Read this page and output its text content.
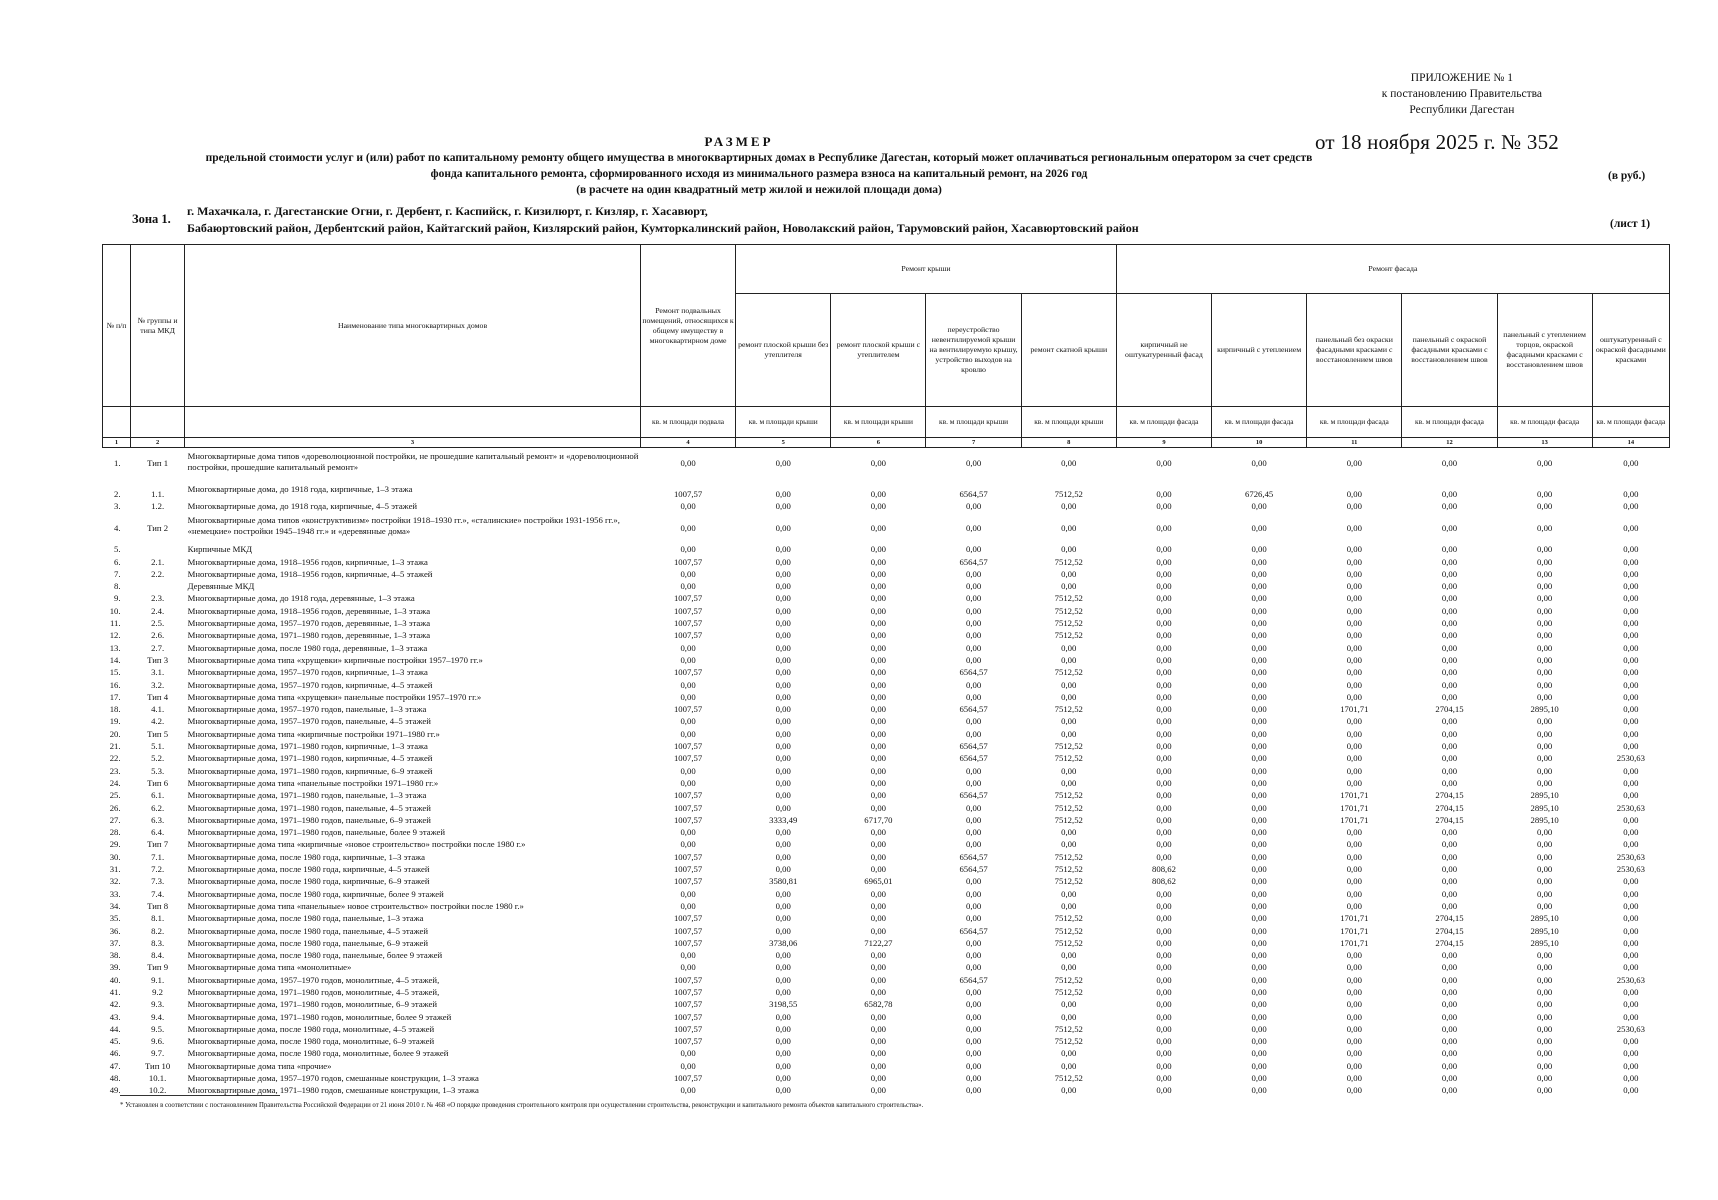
ПРИЛОЖЕНИЕ № 1
к постановлению Правительства
Республики Дагестан
от 18 ноября 2025 г. № 352
РАЗМЕР
предельной стоимости услуг и (или) работ по капитальному ремонту общего имущества в многоквартирных домах в Республике Дагестан, который может оплачиваться региональным оператором за счет средств
фонда капитального ремонта, сформированного исходя из минимального размера взноса на капитальный ремонт, на 2026 год
(в расчете на один квадратный метр жилой и нежилой площади дома)
(в руб.)
Зона 1.
г. Махачкала, г. Дагестанские Огни, г. Дербент, г. Каспийск, г. Кизилюрт, г. Кизляр, г. Хасавюрт,
Бабаюртовский район, Дербентский район, Кайтагский район, Кизлярский район, Кумторкалинский район, Новолакский район, Тарумовский район, Хасавюртовский район	(лист 1)
№ п/п	№ группы и типа МКД	Наименование типа многоквартирных домов	Ремонт подвальных помещений, относящихся к общему имуществу в многоквартирном доме	Ремонт крыши				Ремонт фасада					
				ремонт плоской крыши без утеплителя	ремонт плоской крыши с утеплителем	переустройство невентилируемой крыши на вентилируемую крышу, устройство выходов на кровлю	ремонт скатной крыши	кирпичный не оштукатуренный фасад	кирпичный с утеплением	панельный без окраски фасадными красками с восстановлением швов	панельный с окраской фасадными красками с восстановлением швов	панельный с утеплением торцов, окраской фасадными красками с восстановлением швов	оштукатуренный с окраской фасадными красками
			кв. м площади подвала	кв. м площади крыши	кв. м площади крыши	кв. м площади крыши	кв. м площади крыши	кв. м площади фасада	кв. м площади фасада	кв. м площади фасада	кв. м площади фасада	кв. м площади фасада	кв. м площади фасада
1	2	3	4	5	6	7	8	9	10	11	12	13	14
1.	Тип 1	Многоквартирные дома типов «дореволюционной постройки, не прошедшие капитальный ремонт» и «дореволюционной постройки, прошедшие капитальный ремонт»	0,00	0,00	0,00	0,00	0,00	0,00	0,00	0,00	0,00	0,00	0,00
2.	1.1.	Многоквартирные дома, до 1918 года, кирпичные, 1–3 этажа	1007,57	0,00	0,00	6564,57	7512,52	0,00	6726,45	0,00	0,00	0,00	0,00
3.	1.2.	Многоквартирные дома, до 1918 года, кирпичные, 4–5 этажей	0,00	0,00	0,00	0,00	0,00	0,00	0,00	0,00	0,00	0,00	0,00
4.	Тип 2	Многоквартирные дома типов «конструктивизм» постройки 1918–1930 гг.», «сталинские» постройки 1931-1956 гг.», «немецкие» постройки 1945–1948 гг.» и «деревянные дома»	0,00	0,00	0,00	0,00	0,00	0,00	0,00	0,00	0,00	0,00	0,00
5.		Кирпичные МКД	0,00	0,00	0,00	0,00	0,00	0,00	0,00	0,00	0,00	0,00	0,00
6.	2.1.	Многоквартирные дома, 1918–1956 годов, кирпичные, 1–3 этажа	1007,57	0,00	0,00	6564,57	7512,52	0,00	0,00	0,00	0,00	0,00	0,00
7.	2.2.	Многоквартирные дома, 1918–1956 годов, кирпичные, 4–5 этажей	0,00	0,00	0,00	0,00	0,00	0,00	0,00	0,00	0,00	0,00	0,00
8.		Деревянные МКД	0,00	0,00	0,00	0,00	0,00	0,00	0,00	0,00	0,00	0,00	0,00
9.	2.3.	Многоквартирные дома, до 1918 года, деревянные, 1–3 этажа	1007,57	0,00	0,00	0,00	7512,52	0,00	0,00	0,00	0,00	0,00	0,00
10.	2.4.	Многоквартирные дома, 1918–1956 годов, деревянные, 1–3 этажа	1007,57	0,00	0,00	0,00	7512,52	0,00	0,00	0,00	0,00	0,00	0,00
11.	2.5.	Многоквартирные дома, 1957–1970 годов, деревянные, 1–3 этажа	1007,57	0,00	0,00	0,00	7512,52	0,00	0,00	0,00	0,00	0,00	0,00
12.	2.6.	Многоквартирные дома, 1971–1980 годов, деревянные, 1–3 этажа	1007,57	0,00	0,00	0,00	7512,52	0,00	0,00	0,00	0,00	0,00	0,00
13.	2.7.	Многоквартирные дома, после 1980 года, деревянные, 1–3 этажа	0,00	0,00	0,00	0,00	0,00	0,00	0,00	0,00	0,00	0,00	0,00
14.	Тип 3	Многоквартирные дома типа «хрущевки» кирпичные постройки 1957–1970 гг.»	0,00	0,00	0,00	0,00	0,00	0,00	0,00	0,00	0,00	0,00	0,00
15.	3.1.	Многоквартирные дома, 1957–1970 годов, кирпичные, 1–3 этажа	1007,57	0,00	0,00	6564,57	7512,52	0,00	0,00	0,00	0,00	0,00	0,00
16.	3.2.	Многоквартирные дома, 1957–1970 годов, кирпичные, 4–5 этажей	0,00	0,00	0,00	0,00	0,00	0,00	0,00	0,00	0,00	0,00	0,00
17.	Тип 4	Многоквартирные дома типа «хрущевки» панельные постройки 1957–1970 гг.»	0,00	0,00	0,00	0,00	0,00	0,00	0,00	0,00	0,00	0,00	0,00
18.	4.1.	Многоквартирные дома, 1957–1970 годов, панельные, 1–3 этажа	1007,57	0,00	0,00	6564,57	7512,52	0,00	0,00	1701,71	2704,15	2895,10	0,00
19.	4.2.	Многоквартирные дома, 1957–1970 годов, панельные, 4–5 этажей	0,00	0,00	0,00	0,00	0,00	0,00	0,00	0,00	0,00	0,00	0,00
20.	Тип 5	Многоквартирные дома типа «кирпичные постройки 1971–1980 гг.»	0,00	0,00	0,00	0,00	0,00	0,00	0,00	0,00	0,00	0,00	0,00
21.	5.1.	Многоквартирные дома, 1971–1980 годов, кирпичные, 1–3 этажа	1007,57	0,00	0,00	6564,57	7512,52	0,00	0,00	0,00	0,00	0,00	0,00
22.	5.2.	Многоквартирные дома, 1971–1980 годов, кирпичные, 4–5 этажей	1007,57	0,00	0,00	6564,57	7512,52	0,00	0,00	0,00	0,00	0,00	2530,63
23.	5.3.	Многоквартирные дома, 1971–1980 годов, кирпичные, 6–9 этажей	0,00	0,00	0,00	0,00	0,00	0,00	0,00	0,00	0,00	0,00	0,00
24.	Тип 6	Многоквартирные дома типа «панельные постройки 1971–1980 гг.»	0,00	0,00	0,00	0,00	0,00	0,00	0,00	0,00	0,00	0,00	0,00
25.	6.1.	Многоквартирные дома, 1971–1980 годов, панельные, 1–3 этажа	1007,57	0,00	0,00	6564,57	7512,52	0,00	0,00	1701,71	2704,15	2895,10	0,00
26.	6.2.	Многоквартирные дома, 1971–1980 годов, панельные, 4–5 этажей	1007,57	0,00	0,00	0,00	7512,52	0,00	0,00	1701,71	2704,15	2895,10	2530,63
27.	6.3.	Многоквартирные дома, 1971–1980 годов, панельные, 6–9 этажей	1007,57	3333,49	6717,70	0,00	7512,52	0,00	0,00	1701,71	2704,15	2895,10	0,00
28.	6.4.	Многоквартирные дома, 1971–1980 годов, панельные, более 9 этажей	0,00	0,00	0,00	0,00	0,00	0,00	0,00	0,00	0,00	0,00	0,00
29.	Тип 7	Многоквартирные дома типа «кирпичные «новое строительство» постройки после 1980 г.»	0,00	0,00	0,00	0,00	0,00	0,00	0,00	0,00	0,00	0,00	0,00
30.	7.1.	Многоквартирные дома, после 1980 года, кирпичные, 1–3 этажа	1007,57	0,00	0,00	6564,57	7512,52	0,00	0,00	0,00	0,00	0,00	2530,63
31.	7.2.	Многоквартирные дома, после 1980 года, кирпичные, 4–5 этажей	1007,57	0,00	0,00	6564,57	7512,52	808,62	0,00	0,00	0,00	0,00	2530,63
32.	7.3.	Многоквартирные дома, после 1980 года, кирпичные, 6–9 этажей	1007,57	3580,81	6965,01	0,00	7512,52	808,62	0,00	0,00	0,00	0,00	0,00
33.	7.4.	Многоквартирные дома, после 1980 года, кирпичные, более 9 этажей	0,00	0,00	0,00	0,00	0,00	0,00	0,00	0,00	0,00	0,00	0,00
34.	Тип 8	Многоквартирные дома типа «панельные» новое строительство» постройки после 1980 г.»	0,00	0,00	0,00	0,00	0,00	0,00	0,00	0,00	0,00	0,00	0,00
35.	8.1.	Многоквартирные дома, после 1980 года, панельные, 1–3 этажа	1007,57	0,00	0,00	0,00	7512,52	0,00	0,00	1701,71	2704,15	2895,10	0,00
36.	8.2.	Многоквартирные дома, после 1980 года, панельные, 4–5 этажей	1007,57	0,00	0,00	6564,57	7512,52	0,00	0,00	1701,71	2704,15	2895,10	0,00
37.	8.3.	Многоквартирные дома, после 1980 года, панельные, 6–9 этажей	1007,57	3738,06	7122,27	0,00	7512,52	0,00	0,00	1701,71	2704,15	2895,10	0,00
38.	8.4.	Многоквартирные дома, после 1980 года, панельные, более 9 этажей	0,00	0,00	0,00	0,00	0,00	0,00	0,00	0,00	0,00	0,00	0,00
39.	Тип 9	Многоквартирные дома типа «монолитные»	0,00	0,00	0,00	0,00	0,00	0,00	0,00	0,00	0,00	0,00	0,00
40.	9.1.	Многоквартирные дома, 1957–1970 годов, монолитные, 4–5 этажей,	1007,57	0,00	0,00	6564,57	7512,52	0,00	0,00	0,00	0,00	0,00	2530,63
41.	9.2	Многоквартирные дома, 1971–1980 годов, монолитные, 4–5 этажей,	1007,57	0,00	0,00	0,00	7512,52	0,00	0,00	0,00	0,00	0,00	0,00
42.	9.3.	Многоквартирные дома, 1971–1980 годов, монолитные, 6–9 этажей	1007,57	3198,55	6582,78	0,00	0,00	0,00	0,00	0,00	0,00	0,00	0,00
43.	9.4.	Многоквартирные дома, 1971–1980 годов, монолитные, более 9 этажей	1007,57	0,00	0,00	0,00	0,00	0,00	0,00	0,00	0,00	0,00	0,00
44.	9.5.	Многоквартирные дома, после 1980 года, монолитные, 4–5 этажей	1007,57	0,00	0,00	0,00	7512,52	0,00	0,00	0,00	0,00	0,00	2530,63
45.	9.6.	Многоквартирные дома, после 1980 года, монолитные, 6–9 этажей	1007,57	0,00	0,00	0,00	7512,52	0,00	0,00	0,00	0,00	0,00	0,00
46.	9.7.	Многоквартирные дома, после 1980 года, монолитные, более 9 этажей	0,00	0,00	0,00	0,00	0,00	0,00	0,00	0,00	0,00	0,00	0,00
47.	Тип 10	Многоквартирные дома типа «прочие»	0,00	0,00	0,00	0,00	0,00	0,00	0,00	0,00	0,00	0,00	0,00
48.	10.1.	Многоквартирные дома, 1957–1970 годов, смешанные конструкции, 1–3 этажа	1007,57	0,00	0,00	0,00	7512,52	0,00	0,00	0,00	0,00	0,00	0,00
49.	10.2.	Многоквартирные дома, 1971–1980 годов, смешанные конструкции, 1–3 этажа	0,00	0,00	0,00	0,00	0,00	0,00	0,00	0,00	0,00	0,00	0,00
* Установлен в соответствии с постановлением Правительства Российской Федерации от 21 июня 2010 г. № 468 «О порядке проведения строительного контроля при осуществлении строительства, реконструкции и капитального ремонта объектов капитального строительства».
